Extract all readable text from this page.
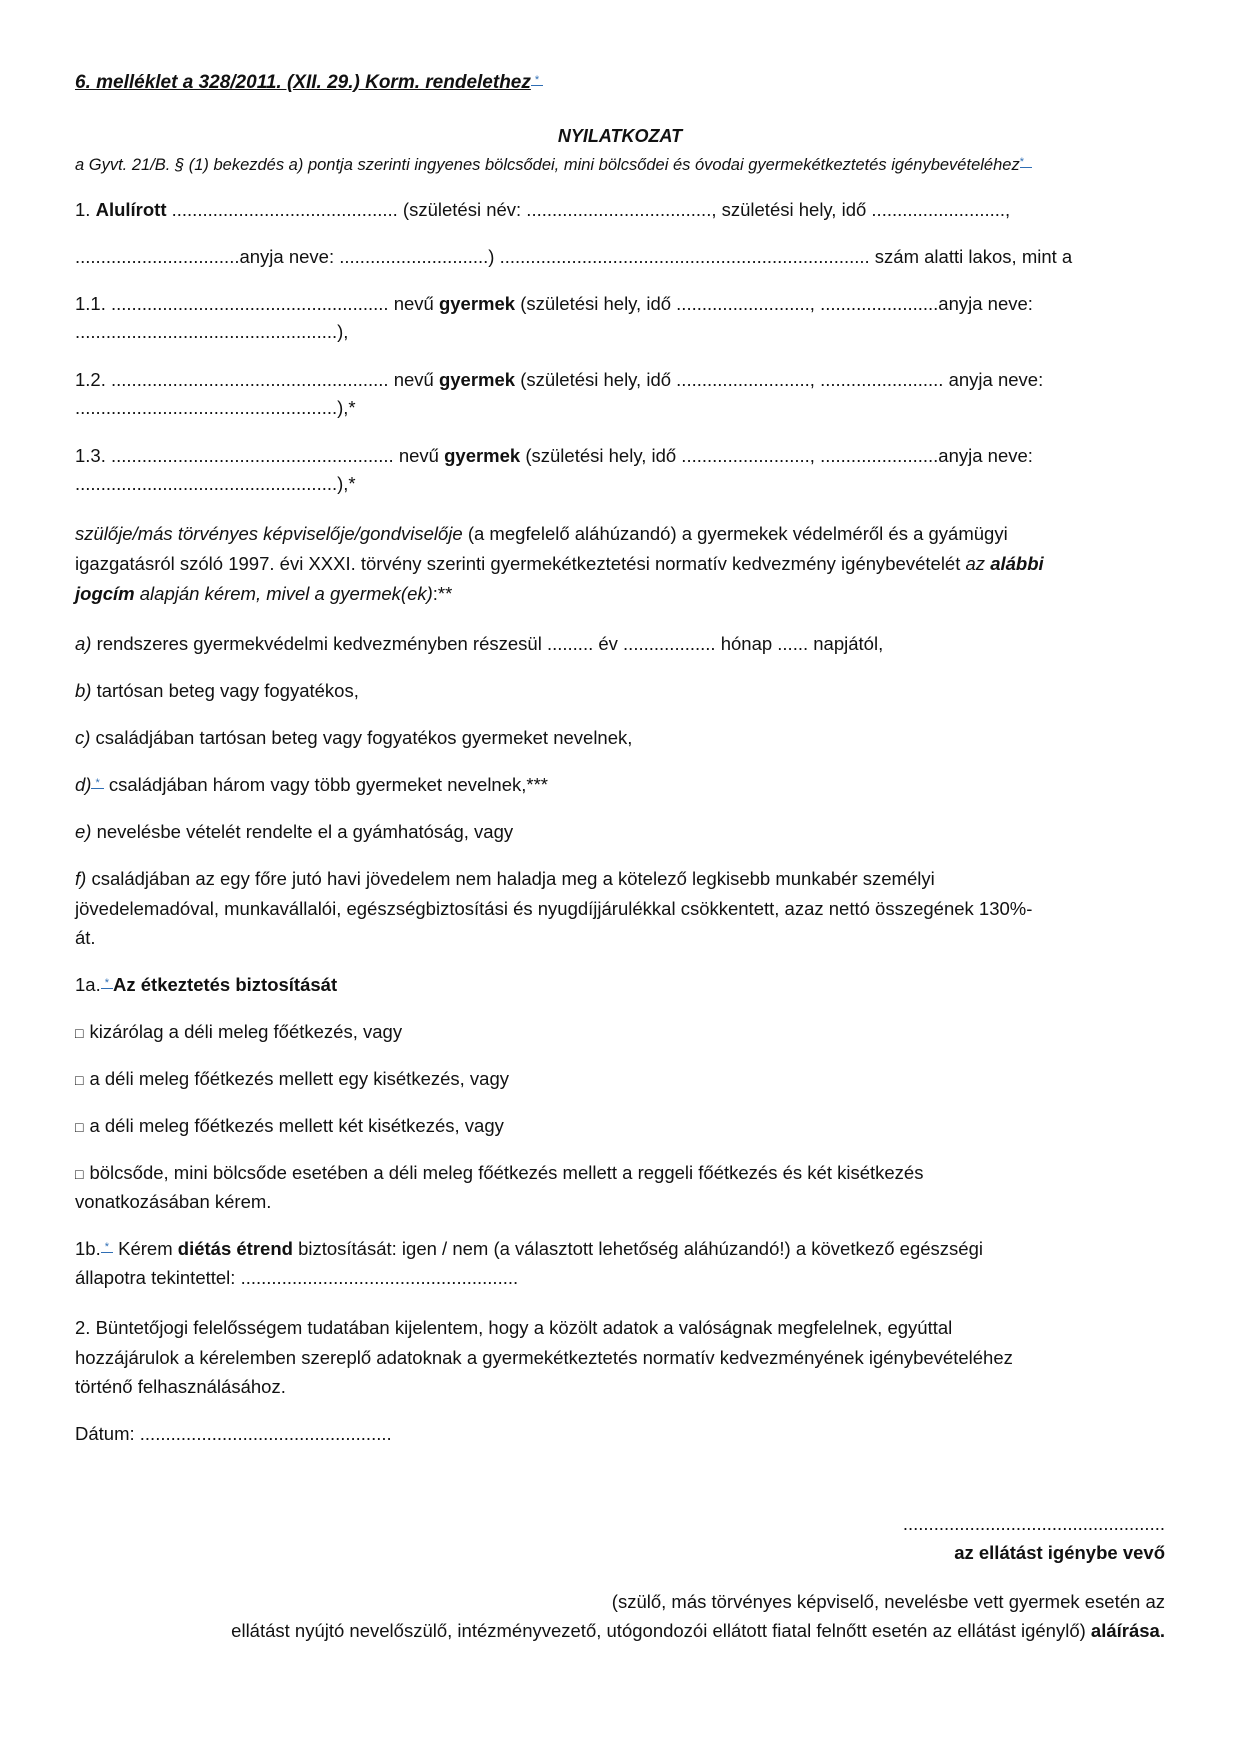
6. melléklet a 328/2011. (XII. 29.) Korm. rendelethez *
NYILATKOZAT
a Gyvt. 21/B. § (1) bekezdés a) pontja szerinti ingyenes bölcsődei, mini bölcsődei és óvodai gyermekétkeztetés igénybevételéhez*
1. Alulírott ............................................ (születési név: ...................................., születési hely, idő ..........................,
................................anyja neve: .............................) ........................................................................ szám alatti lakos, mint a
1.1. ...................................................... nevű gyermek (születési hely, idő .........................., .......................anyja neve:
...................................................),
1.2. ...................................................... nevű gyermek (születési hely, idő .........................., ........................ anyja neve:
...................................................),*
1.3. ....................................................... nevű gyermek (születési hely, idő ........................., .......................anyja neve:
...................................................),*
szülője/más törvényes képviselője/gondviselője (a megfelelő aláhúzandó) a gyermekek védelméről és a gyámügyi
igazgatásról szóló 1997. évi XXXI. törvény szerinti gyermekétkeztetési normatív kedvezmény igénybevételét az alábbi
jogcím alapján kérem, mivel a gyermek(ek):**
a) rendszeres gyermekvédelmi kedvezményben részesül ......... év .................. hónap ...... napjától,
b) tartósan beteg vagy fogyatékos,
c) családjában tartósan beteg vagy fogyatékos gyermeket nevelnek,
d) * családjában három vagy több gyermeket nevelnek,***
e) nevelésbe vételét rendelte el a gyámhatóság, vagy
f) családjában az egy főre jutó havi jövedelem nem haladja meg a kötelező legkisebb munkabér személyi
jövedelemadóval, munkavállalói, egészségbiztosítási és nyugdíjjárulékkal csökkentett, azaz nettó összegének 130%-
át.
1a. * Az étkeztetés biztosítását
□ kizárólag a déli meleg főétkezés, vagy
□ a déli meleg főétkezés mellett egy kisétkezés, vagy
□ a déli meleg főétkezés mellett két kisétkezés, vagy
□ bölcsőde, mini bölcsőde esetében a déli meleg főétkezés mellett a reggeli főétkezés és két kisétkezés
vonatkozásában kérem.
1b. * Kérem diétás étrend biztosítását: igen / nem (a választott lehetőség aláhúzandó!) a következő egészségi
állapotra tekintettel: ......................................................
2. Büntetőjogi felelősségem tudatában kijelentem, hogy a közölt adatok a valóságnak megfelelnek, egyúttal
hozzájárulok a kérelemben szereplő adatoknak a gyermekétkeztetés normatív kedvezményének igénybevételéhez
történő felhasználásához.
Dátum: .................................................
...................................................
az ellátást igénybe vevő
(szülő, más törvényes képviselő, nevelésbe vett gyermek esetén az
ellátást nyújtó nevelőszülő, intézményvezető, utógondozói ellátott fiatal felnőtt esetén az ellátást igénylő) aláírása.
